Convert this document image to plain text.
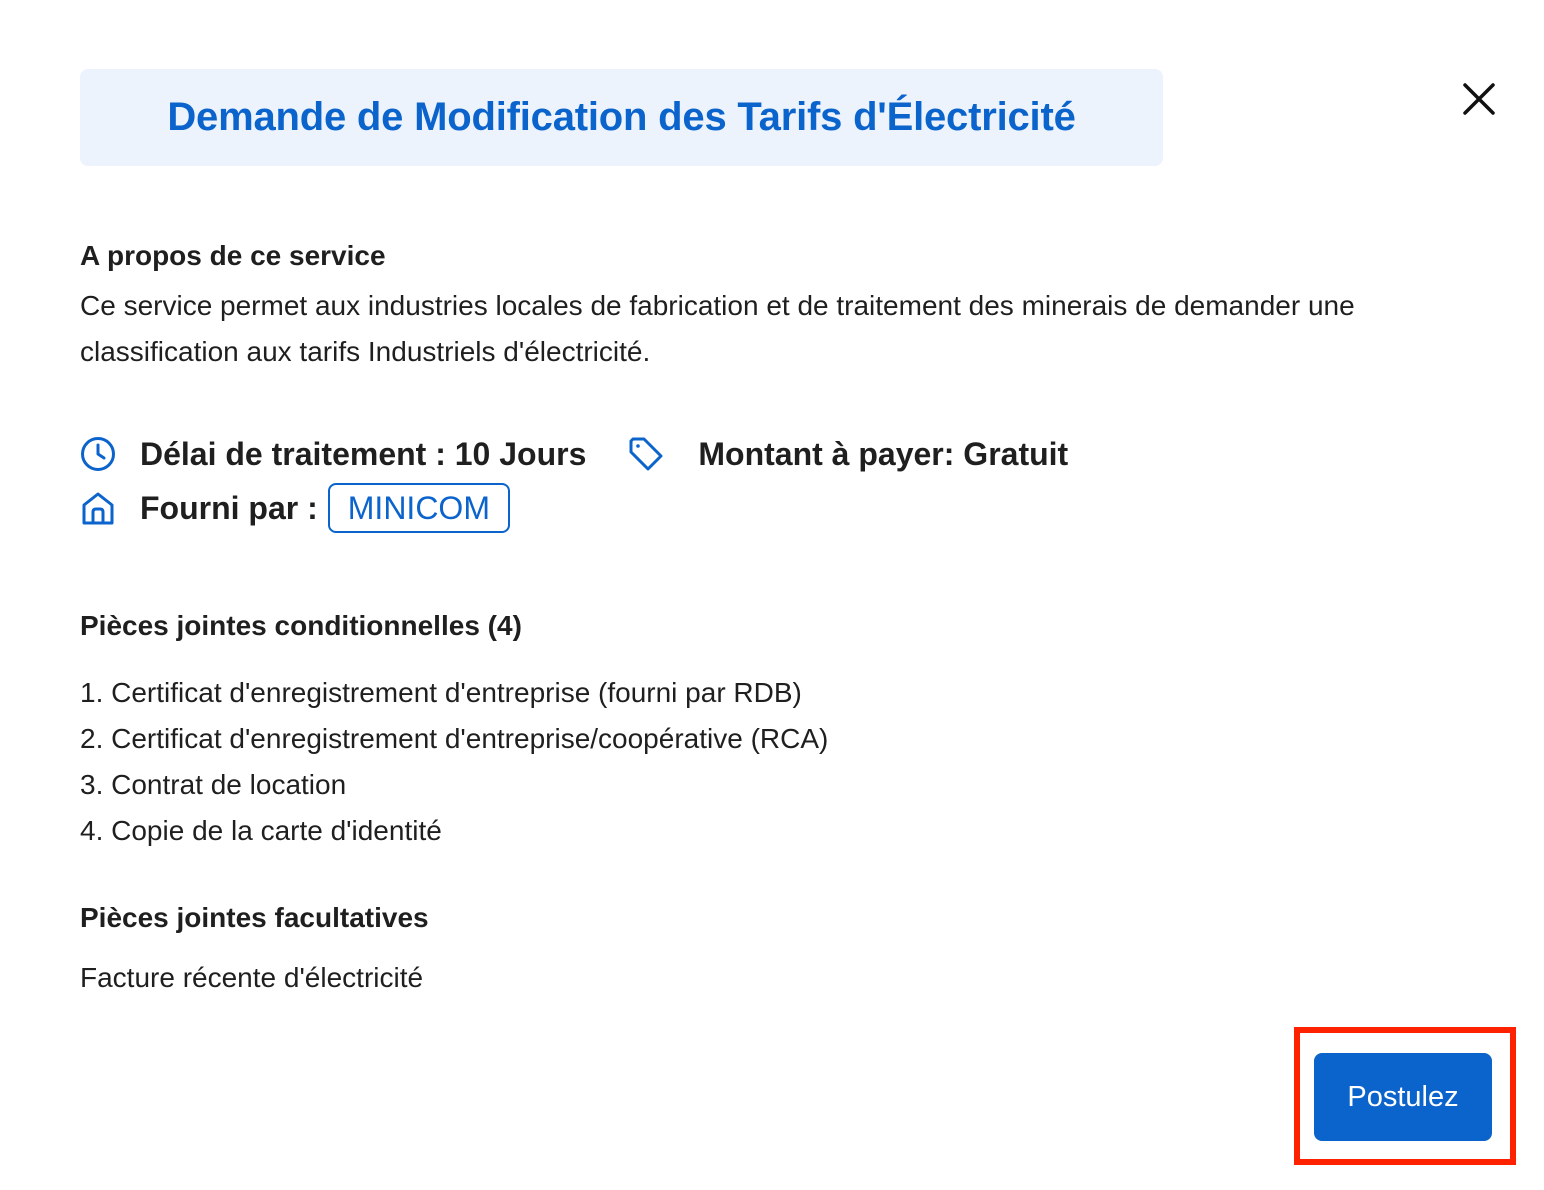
Demande de Modification des Tarifs d'Électricité
A propos de ce service

Ce service permet aux industries locales de fabrication et de traitement des minerais de demander une classification aux tarifs Industriels d'électricité.

Délai de traitement : 10 Jours	Montant à payer: Gratuit
Fourni par : MINICOM
Pièces jointes conditionnelles (4)
1. Certificat d'enregistrement d'entreprise (fourni par RDB)
2. Certificat d'enregistrement d'entreprise/coopérative (RCA)
3. Contrat de location
4. Copie de la carte d'identité
Pièces jointes facultatives

Facture récente d'électricité

Postulez
